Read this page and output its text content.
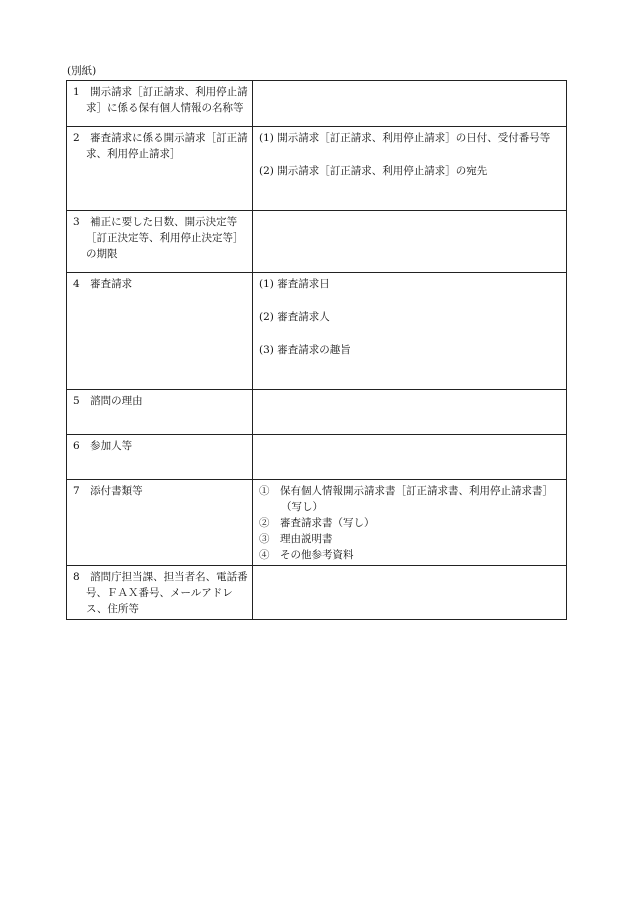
(別紙)
1　開示請求［訂正請求、利用停止請求］に係る保有個人情報の名称等	

2　審査請求に係る開示請求［訂正請求、利用停止請求］	(1) 開示請求［訂正請求、利用停止請求］の日付、受付番号等
(2) 開示請求［訂正請求、利用停止請求］の宛先

3　補正に要した日数、開示決定等［訂正決定等、利用停止決定等］の期限	

4　審査請求	(1) 審査請求日
(2) 審査請求人
(3) 審査請求の趣旨

5　諮問の理由	

6　参加人等	

7　添付書類等	①　保有個人情報開示請求書［訂正請求書、利用停止請求書］（写し）
②　審査請求書（写し）
③　理由説明書
④　その他参考資料

8　諮問庁担当課、担当者名、電話番号、ＦＡＸ番号、メールアドレス、住所等	
